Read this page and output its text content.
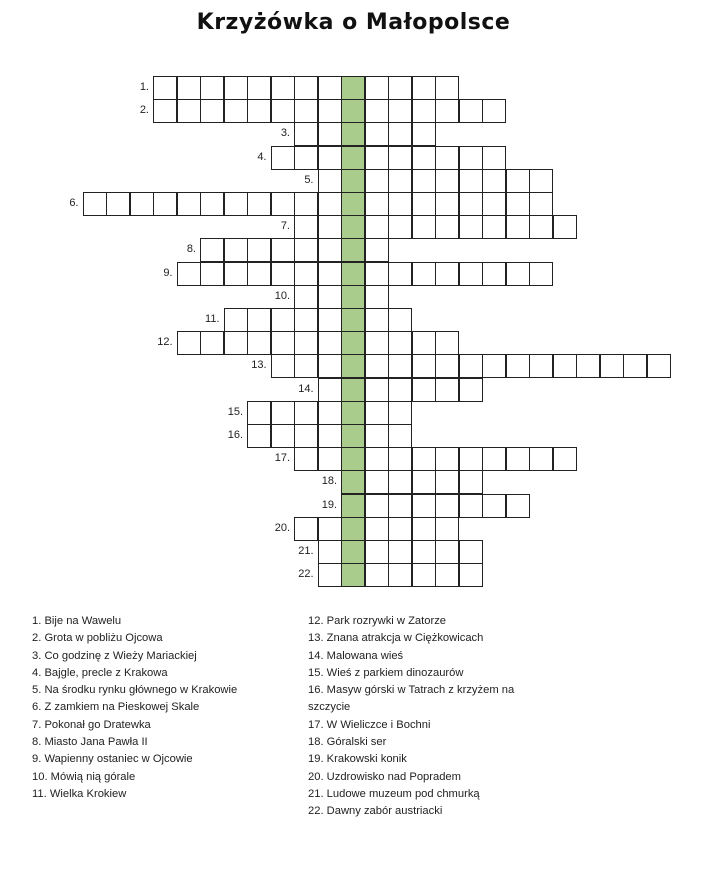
Krzyżówka o Małopolsce
1.
2.
3.
4.
5.
6.
7.
8.
9.
10.
11.
12.
13.
14.
15.
16.
17.
18.
19.
20.
21.
22.
1. Bije na Wawelu
2. Grota w pobliżu Ojcowa
3. Co godzinę z Wieży Mariackiej
4. Bajgle, precle z Krakowa
5. Na środku rynku głównego w Krakowie
6. Z zamkiem na Pieskowej Skale
7. Pokonał go Dratewka
8. Miasto Jana Pawła II
9. Wapienny ostaniec w Ojcowie
10. Mówią nią górale
11. Wielka Krokiew
12. Park rozrywki w Zatorze
13. Znana atrakcja w Ciężkowicach
14. Malowana wieś
15. Wieś z parkiem dinozaurów
16. Masyw górski w Tatrach z krzyżem na
szczycie
17. W Wieliczce i Bochni
18. Góralski ser
19. Krakowski konik
20. Uzdrowisko nad Popradem
21. Ludowe muzeum pod chmurką
22. Dawny zabór austriacki
